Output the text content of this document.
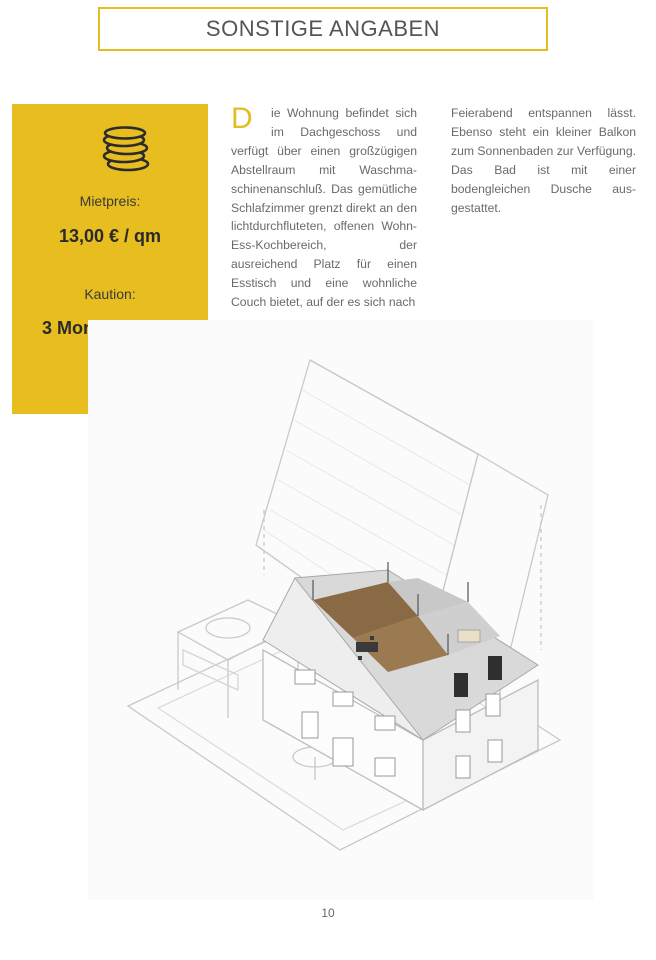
SONSTIGE ANGABEN
Mietpreis:
13,00 € / qm
Kaution:
3 Monatsmieten
D	ie Wohnung befindet sich im Dachgeschoss und verfügt über einen großzügigen Abstellraum mit Waschma-schinenanschluß. Das gemütliche Schlafzimmer grenzt direkt an den lichtdurchfluteten, offenen Wohn-Ess-Kochbereich, der ausreichend Platz für einen Esstisch und eine wohnliche Couch bietet, auf der es sich nach
Feierabend entspannen lässt. Ebenso steht ein kleiner Balkon zum Sonnenbaden zur Verfügung. Das Bad ist mit einer bodengleichen Dusche aus-gestattet.
10
